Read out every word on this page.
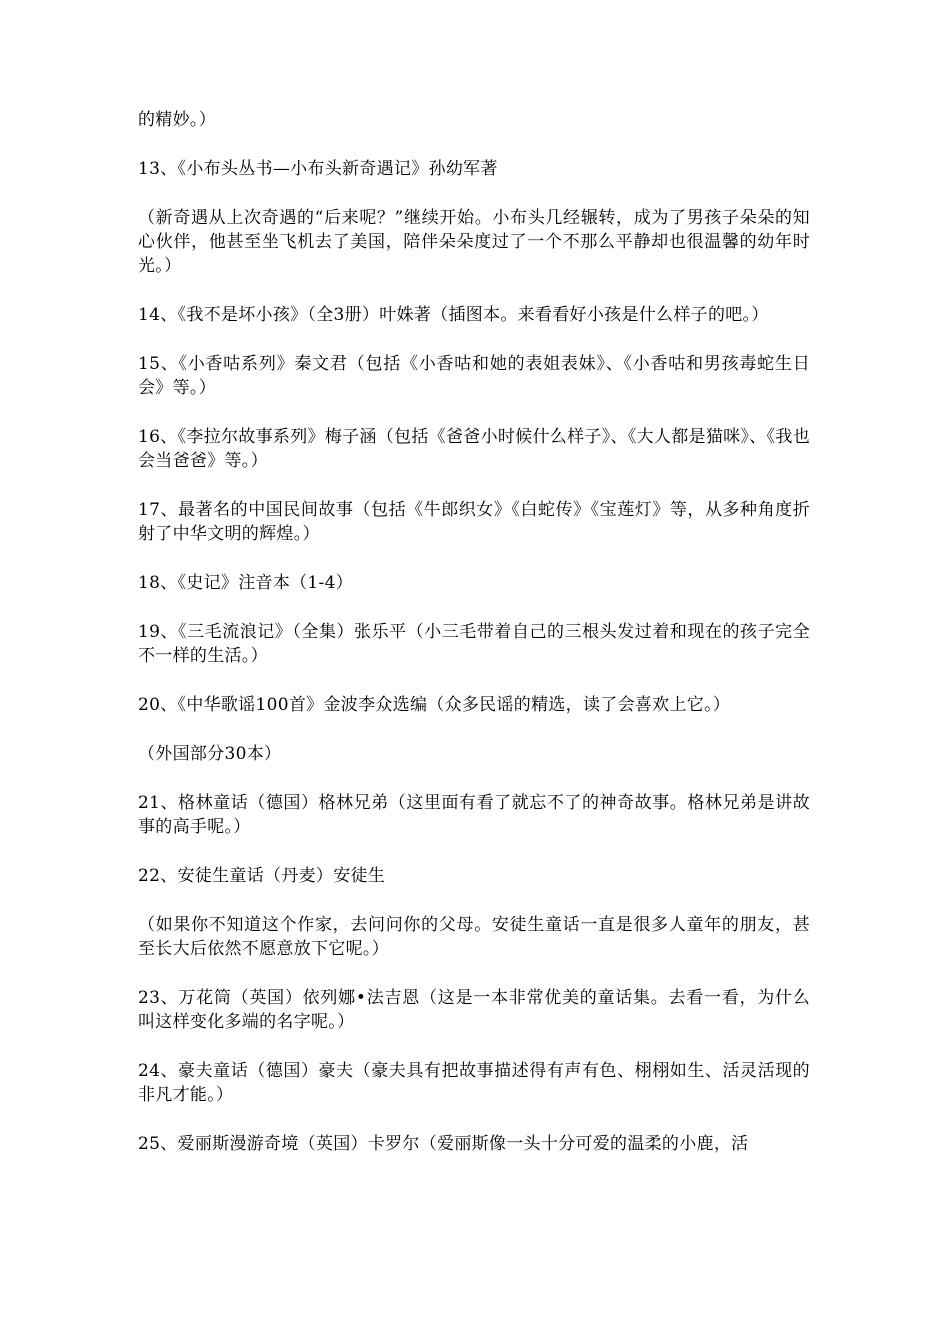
的精妙。）

13、《小布头丛书—小布头新奇遇记》孙幼军著

（新奇遇从上次奇遇的“后来呢？”继续开始。小布头几经辗转，成为了男孩子朵朵的知心伙伴，他甚至坐飞机去了美国，陪伴朵朵度过了一个不那么平静却也很温馨的幼年时光。）

14、《我不是坏小孩》（全3册）叶姝著（插图本。来看看好小孩是什么样子的吧。）

15、《小香咕系列》秦文君（包括《小香咕和她的表姐表妹》、《小香咕和男孩毒蛇生日会》等。）

16、《李拉尔故事系列》梅子涵（包括《爸爸小时候什么样子》、《大人都是猫咪》、《我也会当爸爸》等。）

17、最著名的中国民间故事（包括《牛郎织女》《白蛇传》《宝莲灯》等，从多种角度折射了中华文明的辉煌。）

18、《史记》注音本（1-4）

19、《三毛流浪记》（全集）张乐平（小三毛带着自己的三根头发过着和现在的孩子完全不一样的生活。）

20、《中华歌谣100首》金波李众选编（众多民谣的精选，读了会喜欢上它。）

（外国部分30本）

21、格林童话（德国）格林兄弟（这里面有看了就忘不了的神奇故事。格林兄弟是讲故事的高手呢。）

22、安徒生童话（丹麦）安徒生

（如果你不知道这个作家，去问问你的父母。安徒生童话一直是很多人童年的朋友，甚至长大后依然不愿意放下它呢。）

23、万花筒（英国）依列娜•法吉恩（这是一本非常优美的童话集。去看一看，为什么叫这样变化多端的名字呢。）

24、豪夫童话（德国）豪夫（豪夫具有把故事描述得有声有色、栩栩如生、活灵活现的非凡才能。）

25、爱丽斯漫游奇境（英国）卡罗尔（爱丽斯像一头十分可爱的温柔的小鹿，活
